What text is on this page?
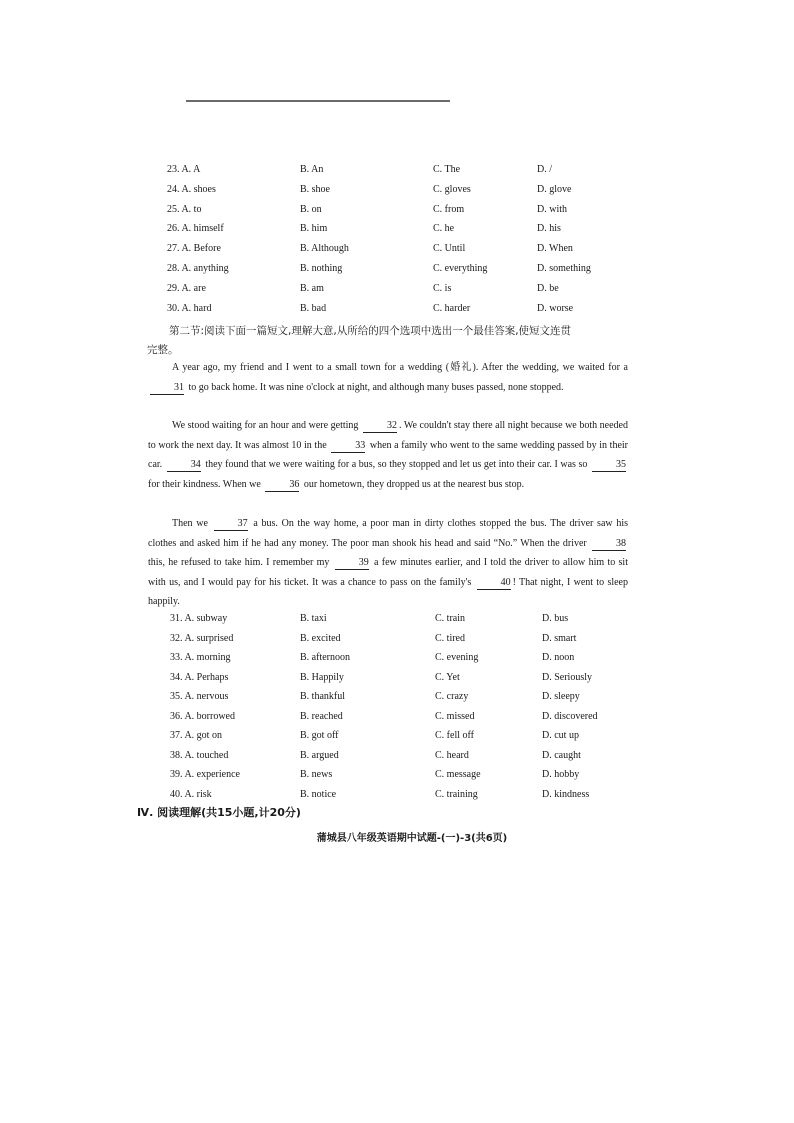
23. A. A	B. An	C. The	D. /
24. A. shoes	B. shoe	C. gloves	D. glove
25. A. to	B. on	C. from	D. with
26. A. himself	B. him	C. he	D. his
27. A. Before	B. Although	C. Until	D. When
28. A. anything	B. nothing	C. everything	D. something
29. A. are	B. am	C. is	D. be
30. A. hard	B. bad	C. harder	D. worse
第二节:阅读下面一篇短文,理解大意,从所给的四个选项中选出一个最佳答案,使短文连贯
完整。
A year ago, my friend and I went to a small town for a wedding (婚礼). After the wedding, we waited for a 31 to go back home. It was nine o'clock at night, and although many buses passed, none stopped.
We stood waiting for an hour and were getting	32 . We couldn't stay there all night because we both needed to work the next day. It was almost 10 in the	33 when a family who went to the same wedding passed by in their car.	34 they found that we were waiting for a bus, so they stopped and let us get into their car. I was so	35 for their kindness. When we	36 our hometown, they dropped us at the nearest bus stop.
Then we	37 a bus. On the way home, a poor man in dirty clothes stopped the bus. The driver saw his clothes and asked him if he had any money. The poor man shook his head and said “No.” When the driver	38 this, he refused to take him. I remember my	39 a few minutes earlier, and I told the driver to allow him to sit with us, and I would pay for his ticket. It was a chance to pass on the family's	40 ! That night, I went to sleep happily.
31. A. subway	B. taxi	C. train	D. bus
32. A. surprised	B. excited	C. tired	D. smart
33. A. morning	B. afternoon	C. evening	D. noon
34. A. Perhaps	B. Happily	C. Yet	D. Seriously
35. A. nervous	B. thankful	C. crazy	D. sleepy
36. A. borrowed	B. reached	C. missed	D. discovered
37. A. got on	B. got off	C. fell off	D. cut up
38. A. touched	B. argued	C. heard	D. caught
39. A. experience	B. news	C. message	D. hobby
40. A. risk	B. notice	C. training	D. kindness
Ⅳ. 阅读理解(共15小题,计20分)
蒲城县八年级英语期中试题-(一)-3(共6页)
